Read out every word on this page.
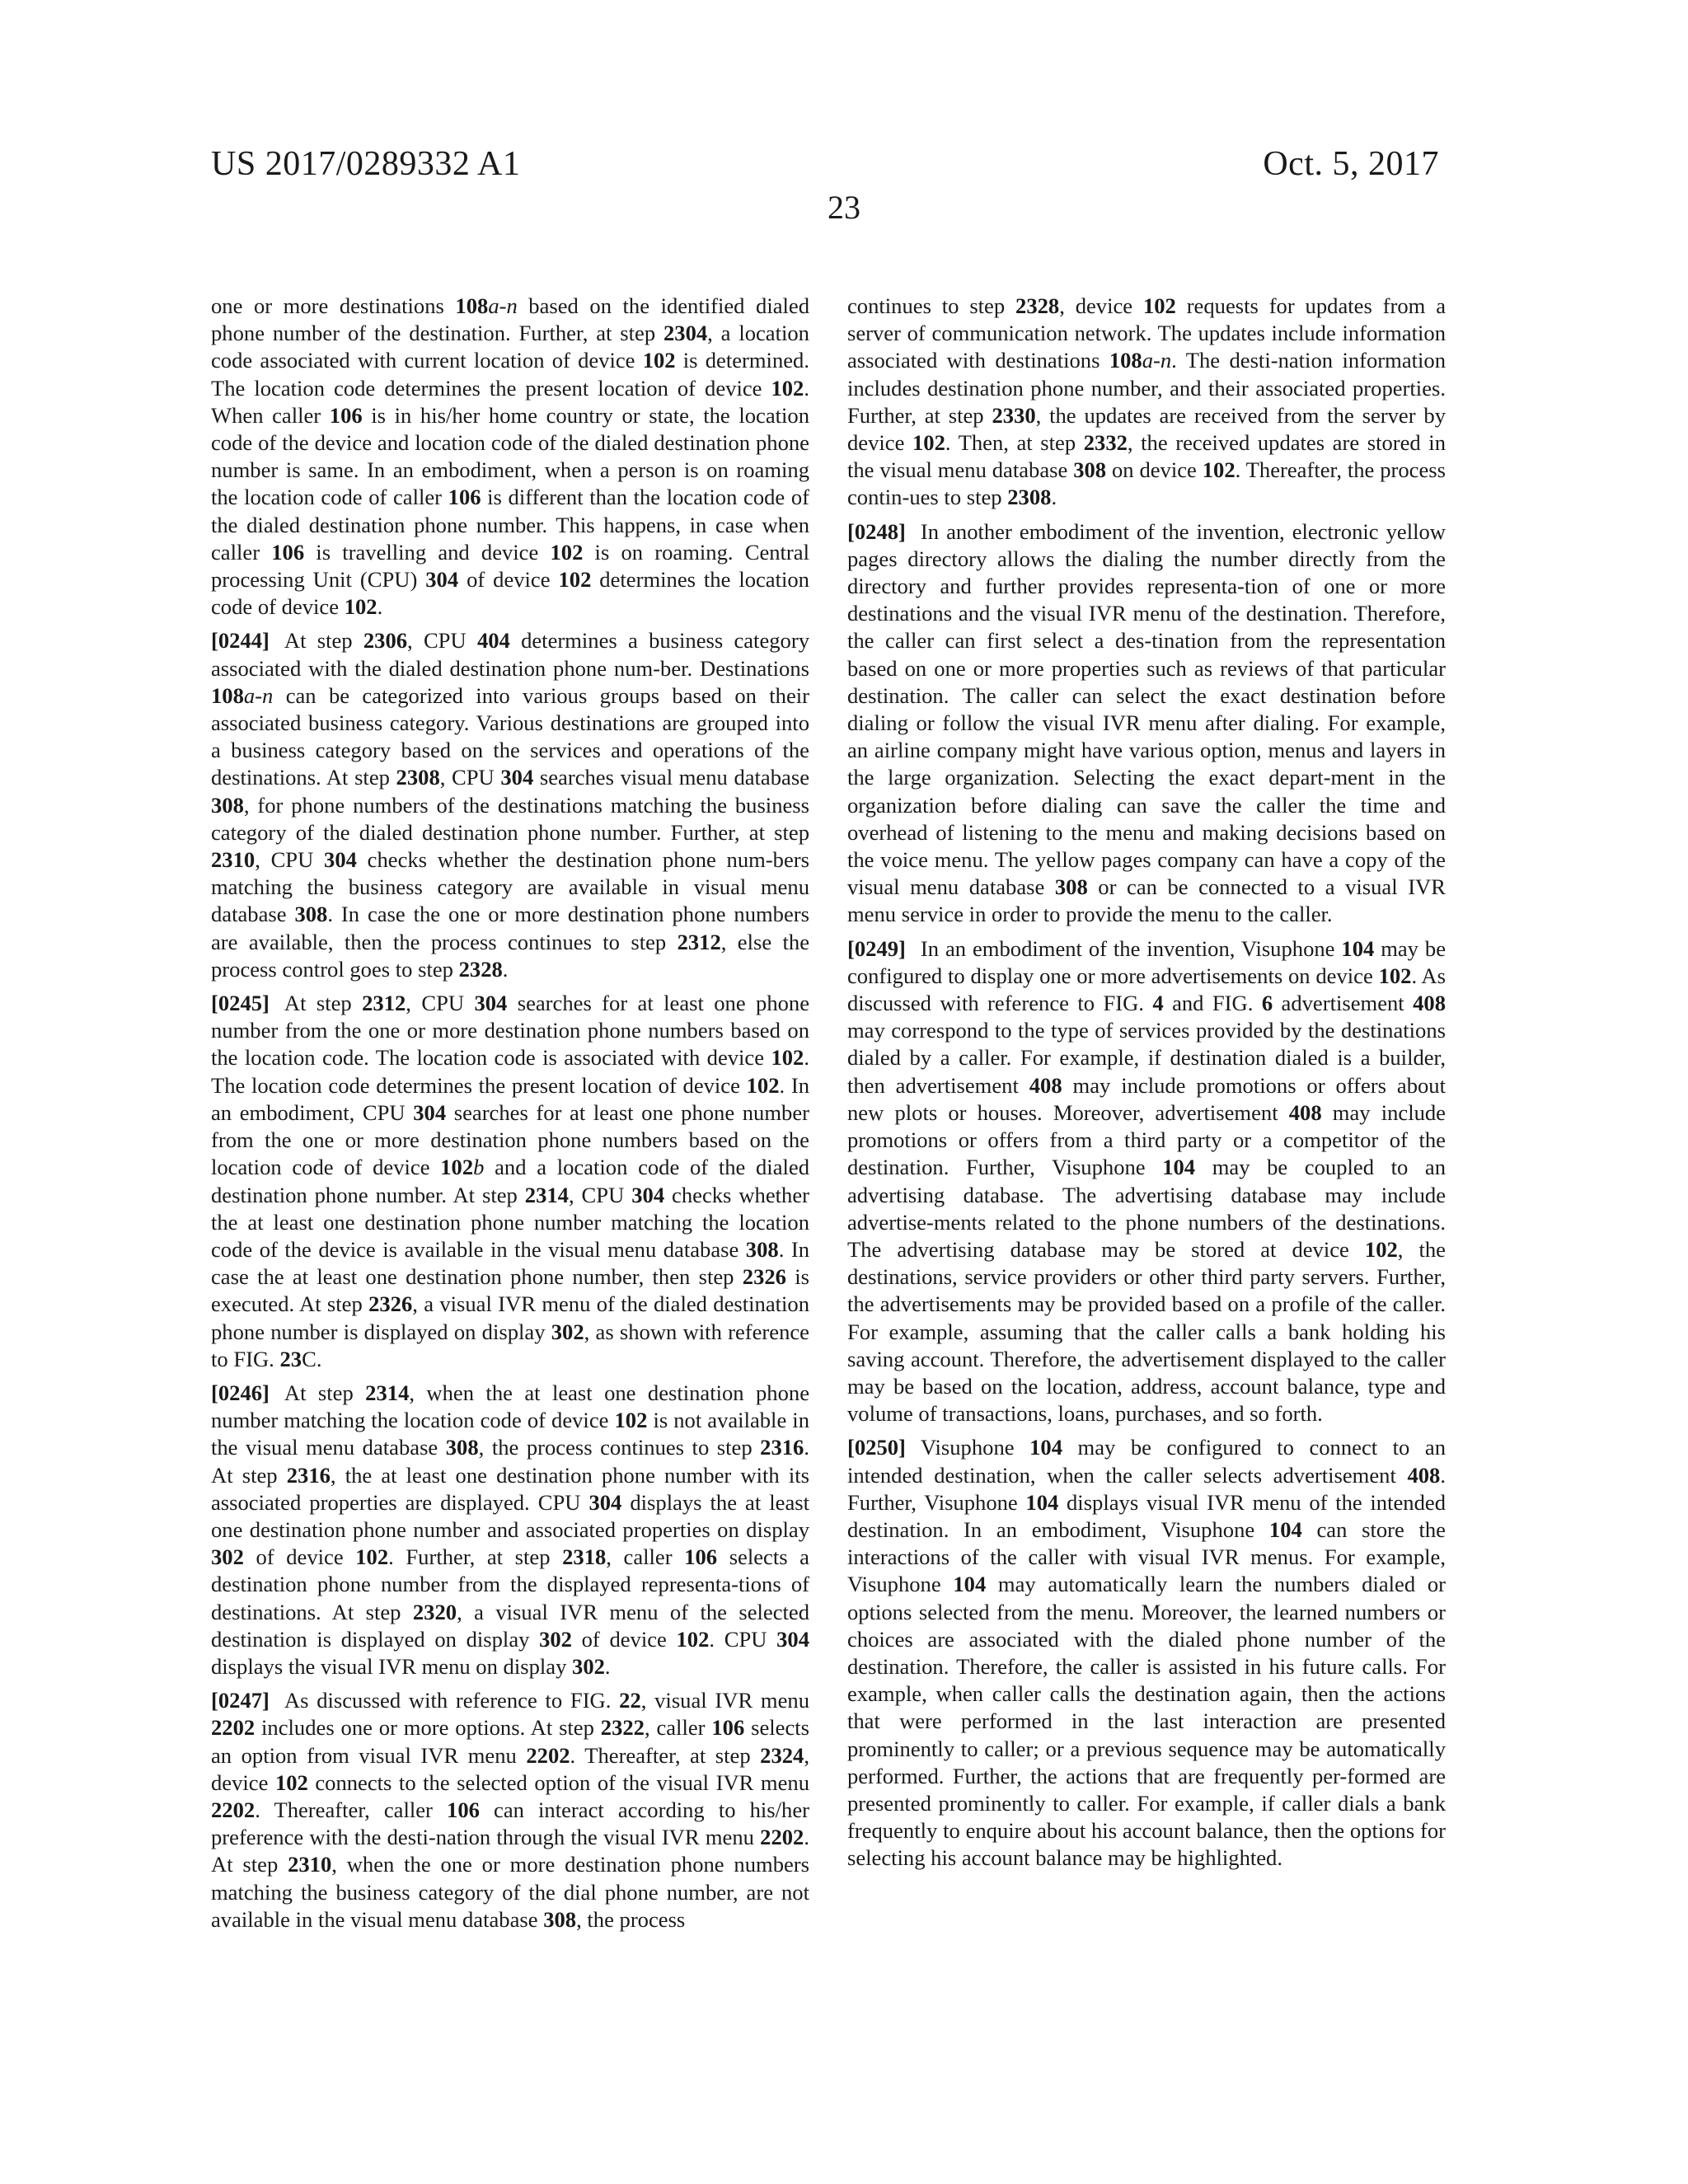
US 2017/0289332 A1	Oct. 5, 2017
23

one or more destinations 108a-n based on the identified dialed phone number of the destination. Further, at step 2304, a location code associated with current location of device 102 is determined. The location code determines the present location of device 102. When caller 106 is in his/her home country or state, the location code of the device and location code of the dialed destination phone number is same. In an embodiment, when a person is on roaming the location code of caller 106 is different than the location code of the dialed destination phone number. This happens, in case when caller 106 is travelling and device 102 is on roaming. Central processing Unit (CPU) 304 of device 102 determines the location code of device 102.

[0244] At step 2306, CPU 404 determines a business category associated with the dialed destination phone num-ber. Destinations 108a-n can be categorized into various groups based on their associated business category. Various destinations are grouped into a business category based on the services and operations of the destinations. At step 2308, CPU 304 searches visual menu database 308, for phone numbers of the destinations matching the business category of the dialed destination phone number. Further, at step 2310, CPU 304 checks whether the destination phone num-bers matching the business category are available in visual menu database 308. In case the one or more destination phone numbers are available, then the process continues to step 2312, else the process control goes to step 2328.

[0245] At step 2312, CPU 304 searches for at least one phone number from the one or more destination phone numbers based on the location code. The location code is associated with device 102. The location code determines the present location of device 102. In an embodiment, CPU 304 searches for at least one phone number from the one or more destination phone numbers based on the location code of device 102b and a location code of the dialed destination phone number. At step 2314, CPU 304 checks whether the at least one destination phone number matching the location code of the device is available in the visual menu database 308. In case the at least one destination phone number, then step 2326 is executed. At step 2326, a visual IVR menu of the dialed destination phone number is displayed on display 302, as shown with reference to FIG. 23C.

[0246] At step 2314, when the at least one destination phone number matching the location code of device 102 is not available in the visual menu database 308, the process continues to step 2316. At step 2316, the at least one destination phone number with its associated properties are displayed. CPU 304 displays the at least one destination phone number and associated properties on display 302 of device 102. Further, at step 2318, caller 106 selects a destination phone number from the displayed representa-tions of destinations. At step 2320, a visual IVR menu of the selected destination is displayed on display 302 of device 102. CPU 304 displays the visual IVR menu on display 302.

[0247] As discussed with reference to FIG. 22, visual IVR menu 2202 includes one or more options. At step 2322, caller 106 selects an option from visual IVR menu 2202. Thereafter, at step 2324, device 102 connects to the selected option of the visual IVR menu 2202. Thereafter, caller 106 can interact according to his/her preference with the desti-nation through the visual IVR menu 2202. At step 2310, when the one or more destination phone numbers matching the business category of the dial phone number, are not available in the visual menu database 308, the process

continues to step 2328, device 102 requests for updates from a server of communication network. The updates include information associated with destinations 108a-n. The desti-nation information includes destination phone number, and their associated properties. Further, at step 2330, the updates are received from the server by device 102. Then, at step 2332, the received updates are stored in the visual menu database 308 on device 102. Thereafter, the process contin-ues to step 2308.

[0248] In another embodiment of the invention, electronic yellow pages directory allows the dialing the number directly from the directory and further provides representa-tion of one or more destinations and the visual IVR menu of the destination. Therefore, the caller can first select a des-tination from the representation based on one or more properties such as reviews of that particular destination. The caller can select the exact destination before dialing or follow the visual IVR menu after dialing. For example, an airline company might have various option, menus and layers in the large organization. Selecting the exact depart-ment in the organization before dialing can save the caller the time and overhead of listening to the menu and making decisions based on the voice menu. The yellow pages company can have a copy of the visual menu database 308 or can be connected to a visual IVR menu service in order to provide the menu to the caller.

[0249] In an embodiment of the invention, Visuphone 104 may be configured to display one or more advertisements on device 102. As discussed with reference to FIG. 4 and FIG. 6 advertisement 408 may correspond to the type of services provided by the destinations dialed by a caller. For example, if destination dialed is a builder, then advertisement 408 may include promotions or offers about new plots or houses. Moreover, advertisement 408 may include promotions or offers from a third party or a competitor of the destination. Further, Visuphone 104 may be coupled to an advertising database. The advertising database may include advertise-ments related to the phone numbers of the destinations. The advertising database may be stored at device 102, the destinations, service providers or other third party servers. Further, the advertisements may be provided based on a profile of the caller. For example, assuming that the caller calls a bank holding his saving account. Therefore, the advertisement displayed to the caller may be based on the location, address, account balance, type and volume of transactions, loans, purchases, and so forth.

[0250] Visuphone 104 may be configured to connect to an intended destination, when the caller selects advertisement 408. Further, Visuphone 104 displays visual IVR menu of the intended destination. In an embodiment, Visuphone 104 can store the interactions of the caller with visual IVR menus. For example, Visuphone 104 may automatically learn the numbers dialed or options selected from the menu. Moreover, the learned numbers or choices are associated with the dialed phone number of the destination. Therefore, the caller is assisted in his future calls. For example, when caller calls the destination again, then the actions that were performed in the last interaction are presented prominently to caller; or a previous sequence may be automatically performed. Further, the actions that are frequently per-formed are presented prominently to caller. For example, if caller dials a bank frequently to enquire about his account balance, then the options for selecting his account balance may be highlighted.
